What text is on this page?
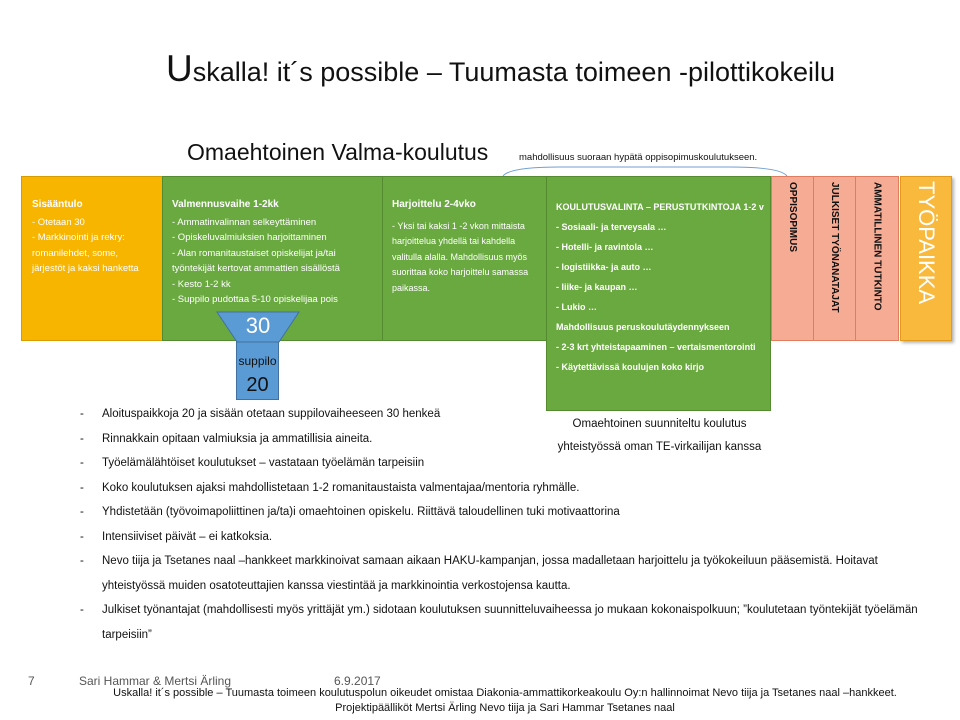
Uskalla! it´s possible – Tuumasta toimeen -pilottikokeilu
Omaehtoinen Valma-koulutus	mahdollisuus suoraan hypätä oppisopimuskoulutukseen.
Sisääntulo
- Otetaan 30
- Markkinointi ja rekry:
romanilehdet, some,
järjestöt ja kaksi hanketta
Valmennusvaihe 1-2kk
- Ammatinvalinnan selkeyttäminen
- Opiskeluvalmiuksien harjoittaminen
- Alan romanitaustaiset opiskelijat ja/tai
työntekijät kertovat ammattien sisällöstä
- Kesto 1-2 kk
- Suppilo pudottaa 5-10 opiskelijaa pois
Harjoittelu 2-4vko
- Yksi tai kaksi 1 -2 vkon mittaista
harjoittelua yhdellä tai kahdella
valitulla alalla. Mahdollisuus myös
suorittaa koko harjoittelu samassa
paikassa.
KOULUTUSVALINTA – PERUSTUTKINTOJA 1-2 v
- Sosiaali- ja terveysala …
- Hotelli- ja ravintola …
- logistiikka- ja auto …
- liike- ja kaupan …
- Lukio …
Mahdollisuus peruskoulutäydennykseen
- 2-3 krt yhteistapaaminen – vertaismentorointi
- Käytettävissä koulujen koko kirjo
OPPISOPIMUS	JULKISET TYÖNANATAJAT	AMMATILLINEN TUTKINTO TYÖPAIKKA
30
suppilo
20
Omaehtoinen suunniteltu koulutus
yhteistyössä oman TE-virkailijan kanssa
- Aloituspaikkoja 20 ja sisään otetaan suppilovaiheeseen 30 henkeä
- Rinnakkain opitaan valmiuksia ja ammatillisia aineita.
- Työelämälähtöiset koulutukset – vastataan työelämän tarpeisiin
- Koko koulutuksen ajaksi mahdollistetaan 1-2 romanitaustaista valmentajaa/mentoria ryhmälle.
- Yhdistetään (työvoimapoliittinen ja/ta)i omaehtoinen opiskelu. Riittävä taloudellinen tuki motivaattorina
- Intensiiviset päivät – ei katkoksia.
- Nevo tiija ja Tsetanes naal –hankkeet markkinoivat samaan aikaan HAKU-kampanjan, jossa madalletaan harjoittelu ja työkokeiluun pääsemistä. Hoitavat yhteistyössä muiden osatoteuttajien kanssa viestintää ja markkinointia verkostojensa kautta.
- Julkiset työnantajat (mahdollisesti myös yrittäjät ym.) sidotaan koulutuksen suunnitteluvaiheessa jo mukaan kokonaispolkuun; ”koulutetaan työntekijät työelämän tarpeisiin”
7	Sari Hammar & Mertsi Ärling	6.9.2017
Uskalla! it´s possible – Tuumasta toimeen koulutuspolun oikeudet omistaa Diakonia-ammattikorkeakoulu Oy:n hallinnoimat Nevo tiija ja Tsetanes naal –hankkeet.
Projektipäälliköt Mertsi Ärling Nevo tiija ja Sari Hammar Tsetanes naal
